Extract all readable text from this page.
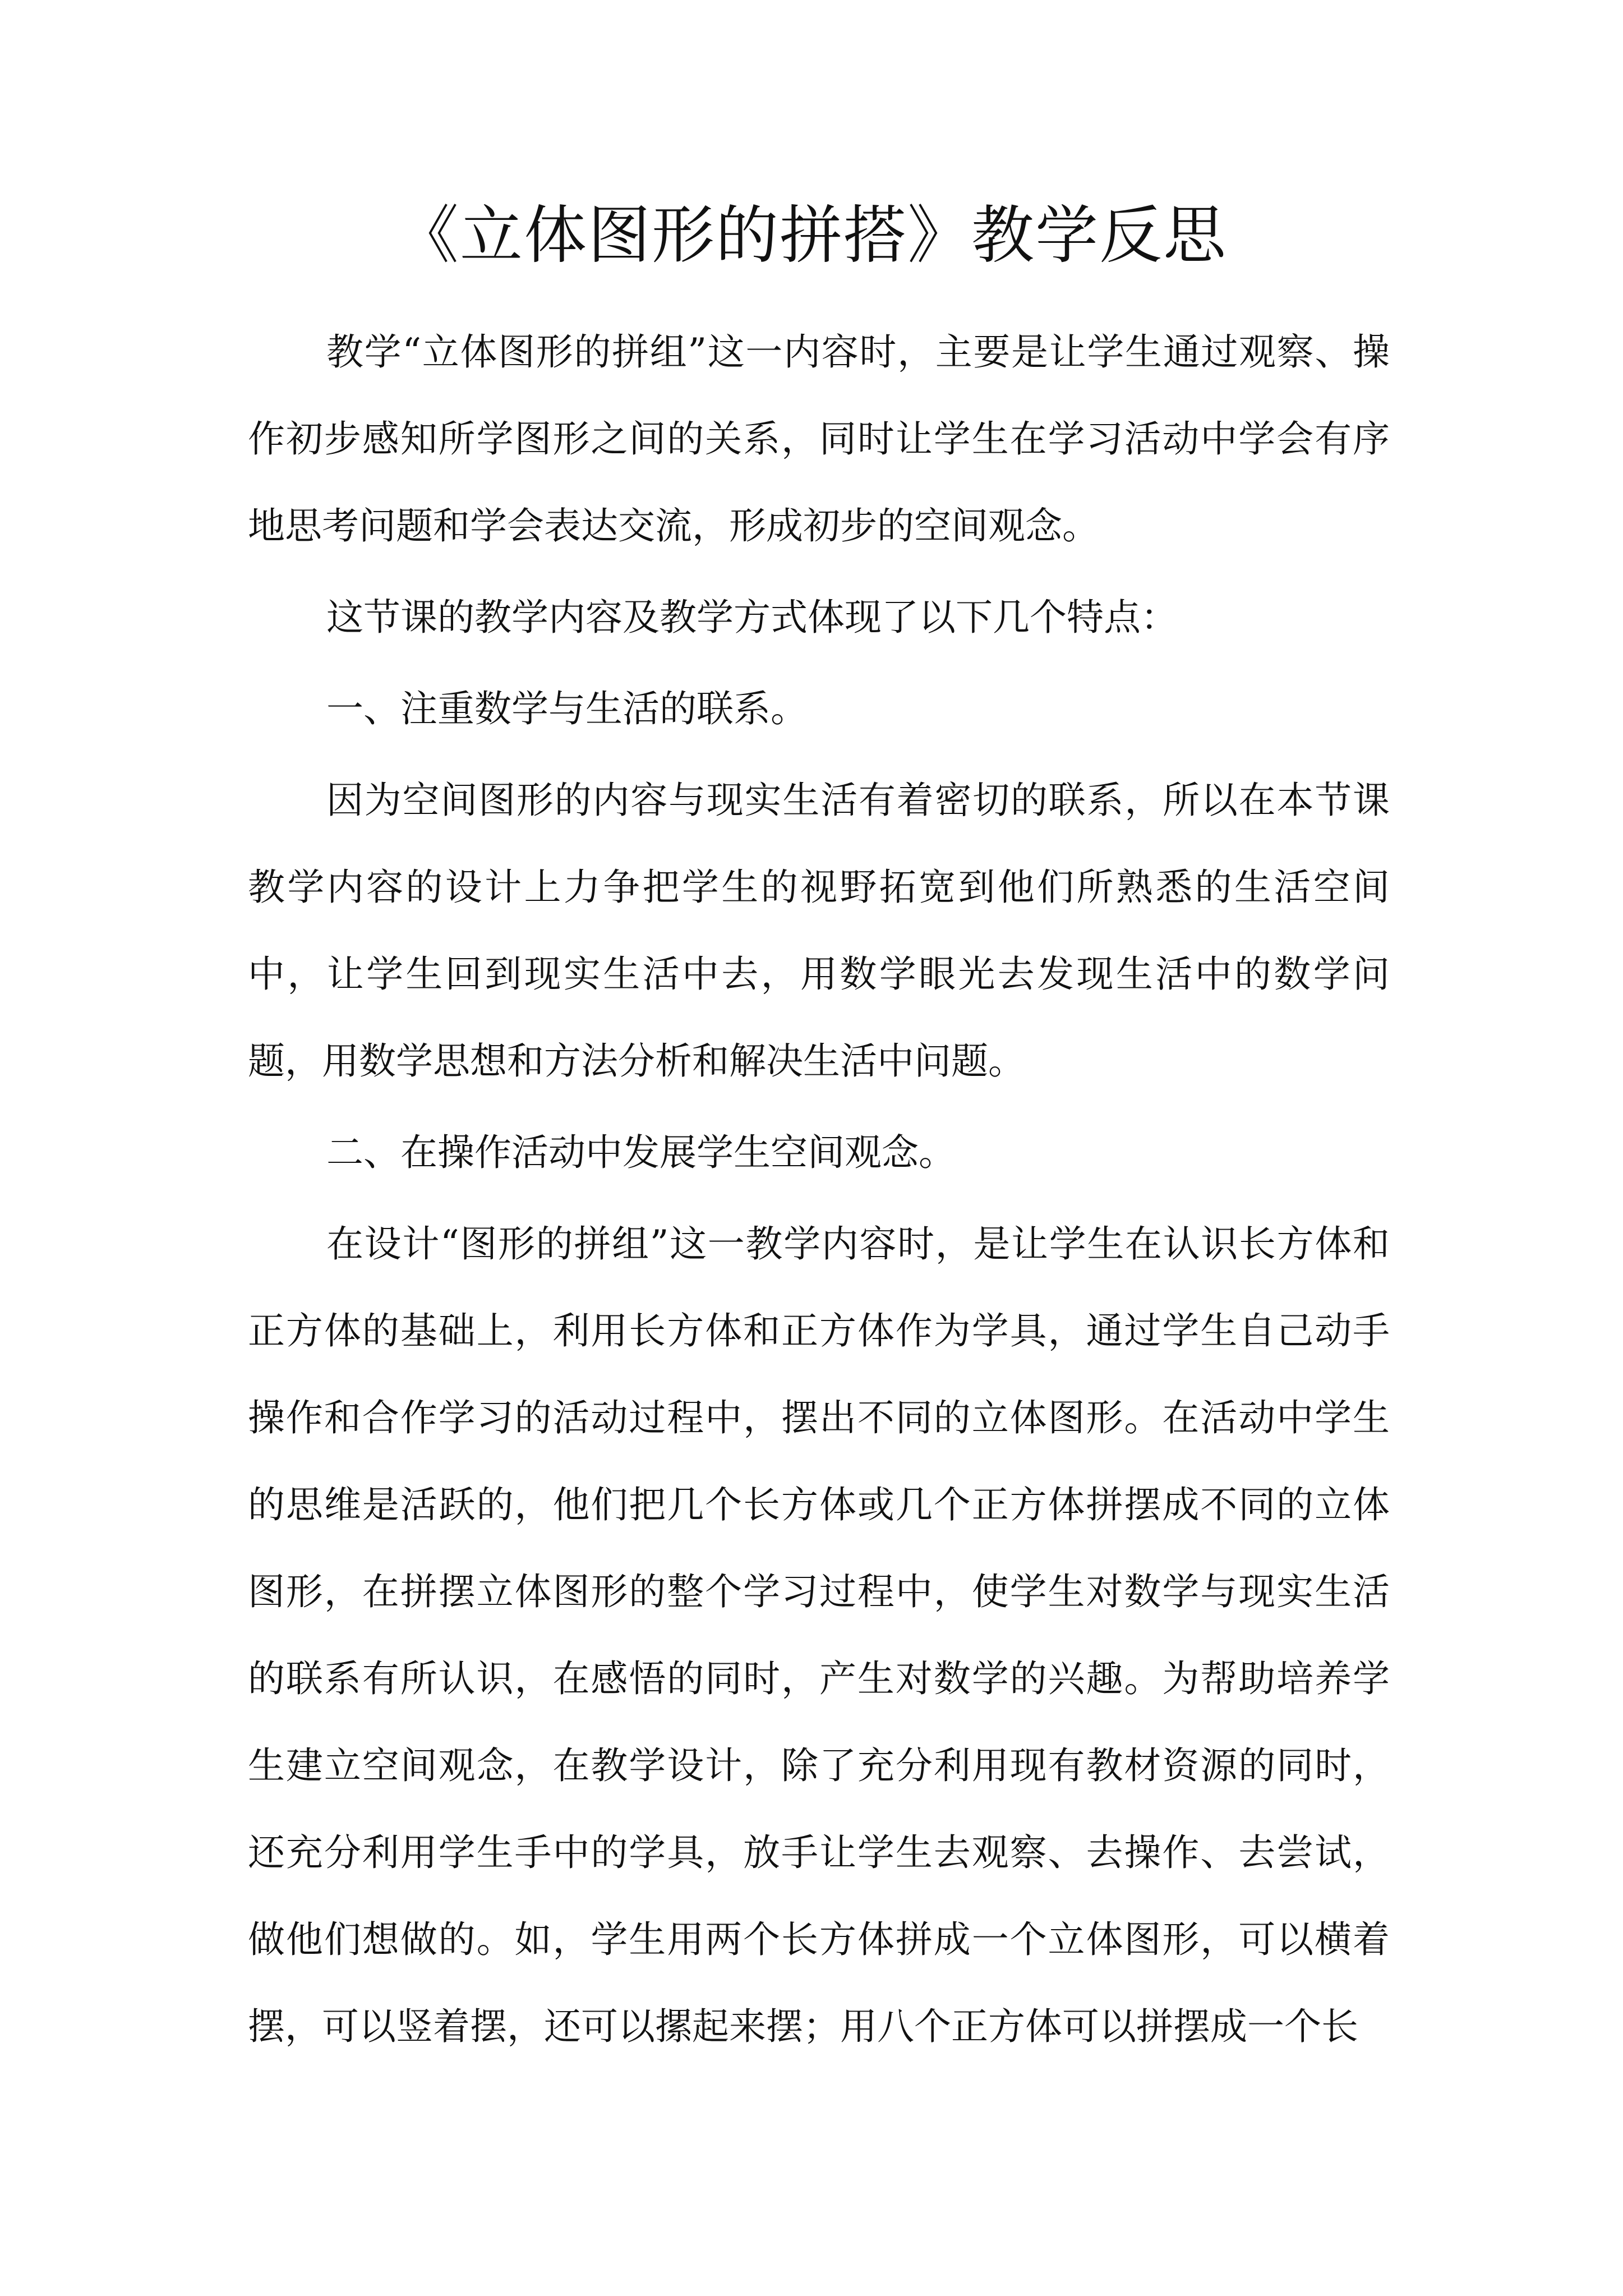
《立体图形的拼搭》教学反思

教学“立体图形的拼组”这一内容时，主要是让学生通过观察、操作初步感知所学图形之间的关系，同时让学生在学习活动中学会有序地思考问题和学会表达交流，形成初步的空间观念。

这节课的教学内容及教学方式体现了以下几个特点：

一、注重数学与生活的联系。

因为空间图形的内容与现实生活有着密切的联系，所以在本节课教学内容的设计上力争把学生的视野拓宽到他们所熟悉的生活空间中，让学生回到现实生活中去，用数学眼光去发现生活中的数学问题，用数学思想和方法分析和解决生活中问题。

二、在操作活动中发展学生空间观念。

在设计“图形的拼组”这一教学内容时，是让学生在认识长方体和正方体的基础上，利用长方体和正方体作为学具，通过学生自己动手操作和合作学习的活动过程中，摆出不同的立体图形。在活动中学生的思维是活跃的，他们把几个长方体或几个正方体拼摆成不同的立体图形，在拼摆立体图形的整个学习过程中，使学生对数学与现实生活的联系有所认识，在感悟的同时，产生对数学的兴趣。为帮助培养学生建立空间观念，在教学设计，除了充分利用现有教材资源的同时，还充分利用学生手中的学具，放手让学生去观察、去操作、去尝试，做他们想做的。如，学生用两个长方体拼成一个立体图形，可以横着摆，可以竖着摆，还可以摞起来摆；用八个正方体可以拼摆成一个长
